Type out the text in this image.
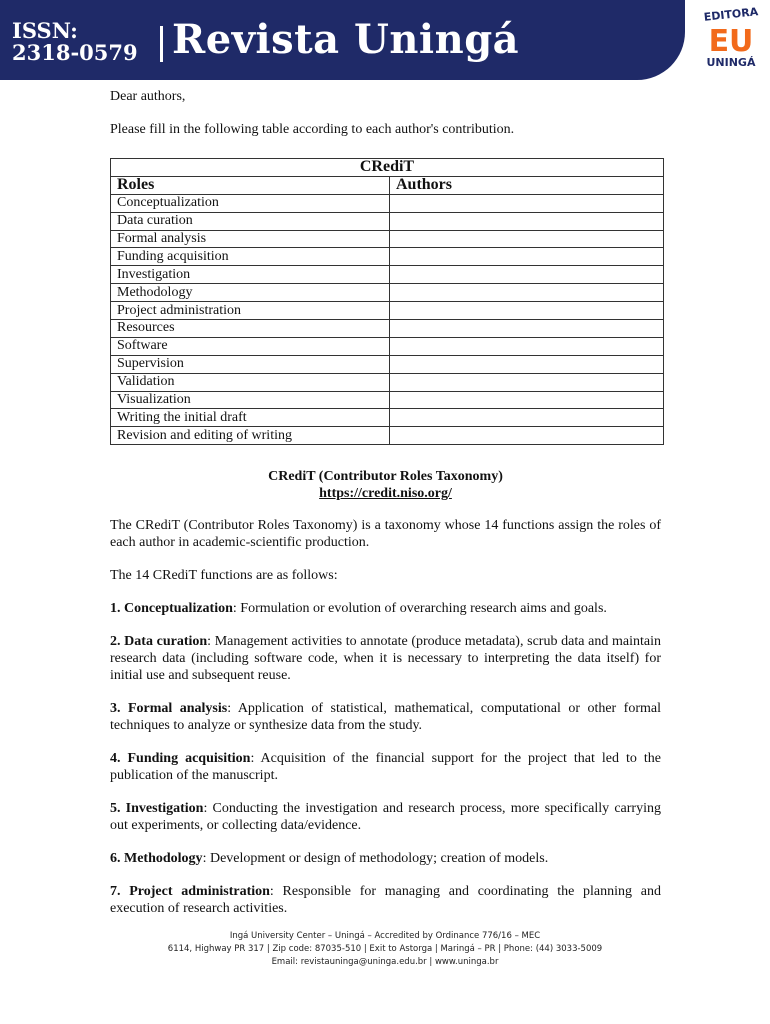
ISSN:
2318-0579 Revista Uningá
EDITORA
EU
UNINGÁ

Dear authors,

Please fill in the following table according to each author's contribution.

CRediT	
Roles	Authors
Conceptualization	
Data curation	
Formal analysis	
Funding acquisition	
Investigation	
Methodology	
Project administration	
Resources	
Software	
Supervision	
Validation	
Visualization	
Writing the initial draft	
Revision and editing of writing	
CRediT (Contributor Roles Taxonomy)
https://credit.niso.org/

The CRediT (Contributor Roles Taxonomy) is a taxonomy whose 14 functions assign the roles of each author in academic-scientific production.

The 14 CRediT functions are as follows:

1. Conceptualization: Formulation or evolution of overarching research aims and goals.

2. Data curation: Management activities to annotate (produce metadata), scrub data and maintain research data (including software code, when it is necessary to interpreting the data itself) for initial use and subsequent reuse.

3. Formal analysis: Application of statistical, mathematical, computational or other formal techniques to analyze or synthesize data from the study.

4. Funding acquisition: Acquisition of the financial support for the project that led to the publication of the manuscript.

5. Investigation: Conducting the investigation and research process, more specifically carrying out experiments, or collecting data/evidence.

6. Methodology: Development or design of methodology; creation of models.

7. Project administration: Responsible for managing and coordinating the planning and execution of research activities.

Ingá University Center – Uningá – Accredited by Ordinance 776/16 – MEC
6114, Highway PR 317 | Zip code: 87035-510 | Exit to Astorga | Maringá – PR | Phone: (44) 3033-5009
Email: revistauninga@uninga.edu.br | www.uninga.br
